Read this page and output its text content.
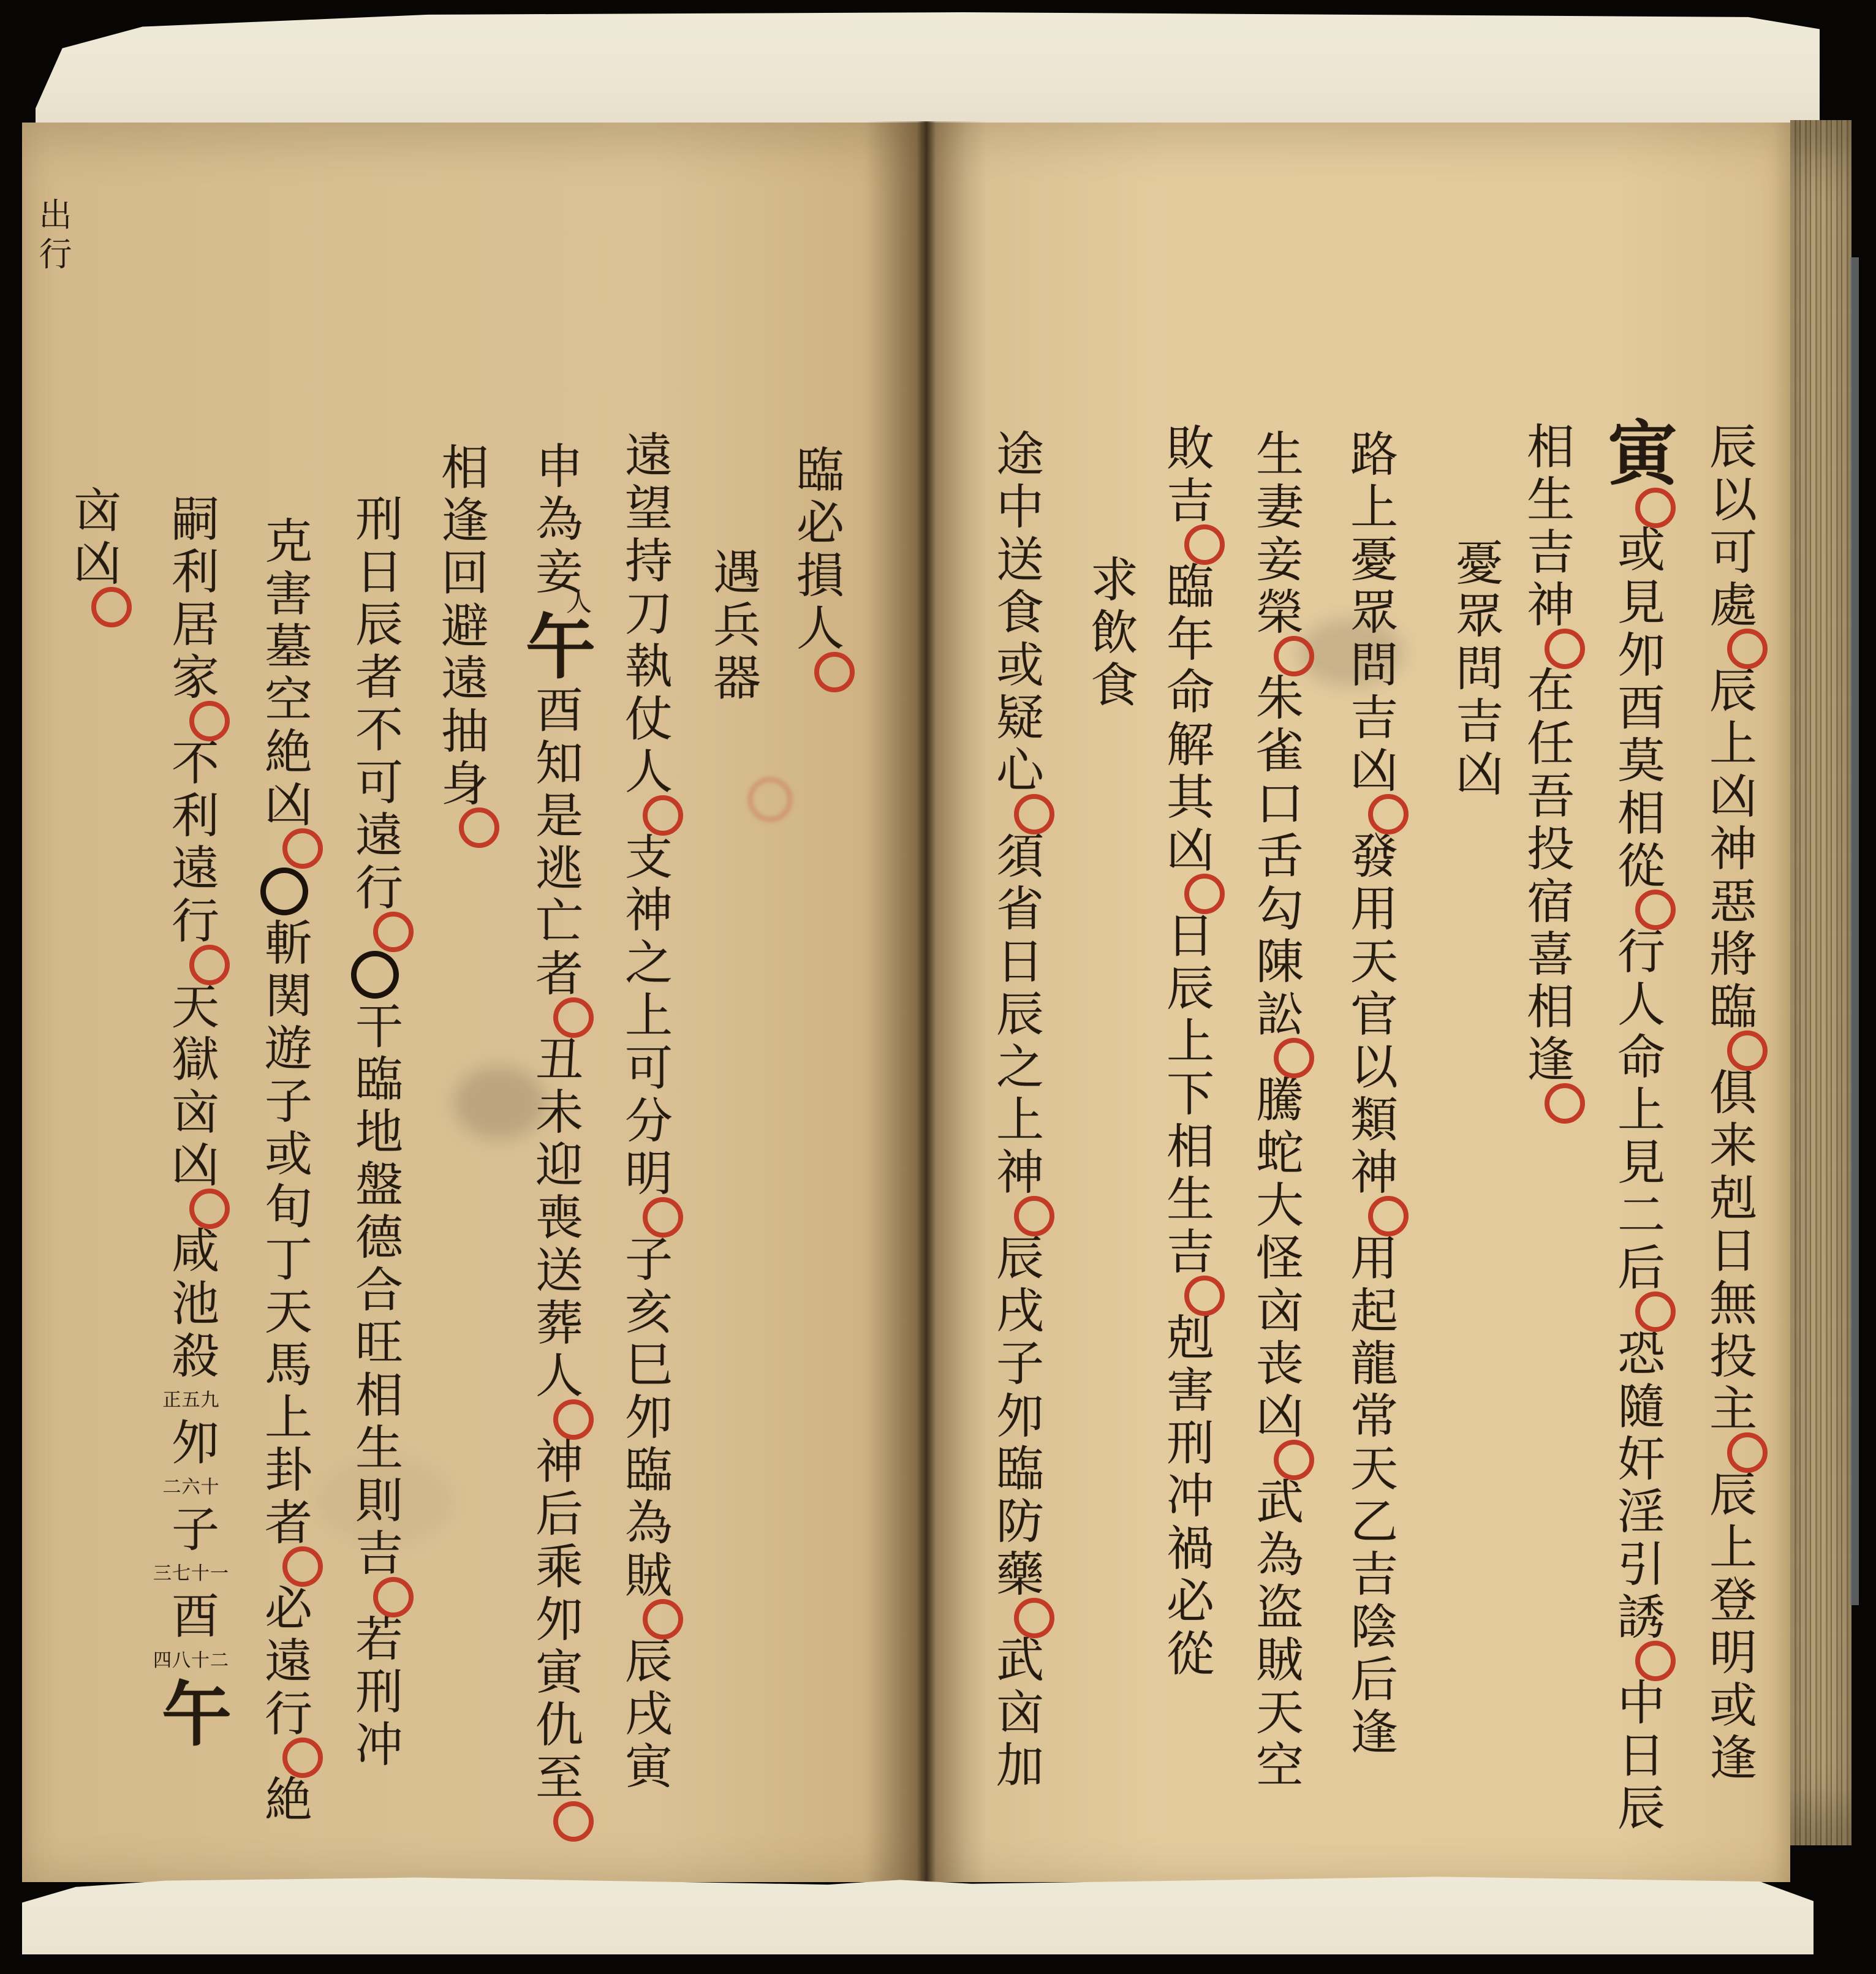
出行
辰以可處辰上凶神惡將臨俱来剋日無投主辰上登明或逢
寅或見夘酉莫相從行人命上見二后恐隨奸淫引誘中日辰
相生吉神在任吾投宿喜相逢
憂眾問吉凶
路上憂眾問吉凶發用天官以類神用起龍常天乙吉陰后逢
生妻妾榮朱雀口舌勾陳訟騰蛇大怪㐫丧凶武為盗賊天空
敗吉臨年命解其凶日辰上下相生吉剋害刑冲禍必從
求飲食
途中送食或疑心須省日辰之上神辰戌子夘臨防藥武㐫加
臨必損人
遇兵器
遠望持刀執仗人支神之上可分明子亥巳夘臨為賊辰戌寅
申為妾人午酉知是逃亡者丑未迎喪送葬人神后乘夘寅仇至
相逢回避遠抽身
刑日辰者不可遠行干臨地盤德合旺相生則吉若刑冲
克害墓空絶凶斬関遊子或旬丁天馬上卦者必遠行絶
嗣利居家不利遠行天獄㐫凶咸池殺正五九夘二六十子三七十一酉四八十二午
㐫凶
